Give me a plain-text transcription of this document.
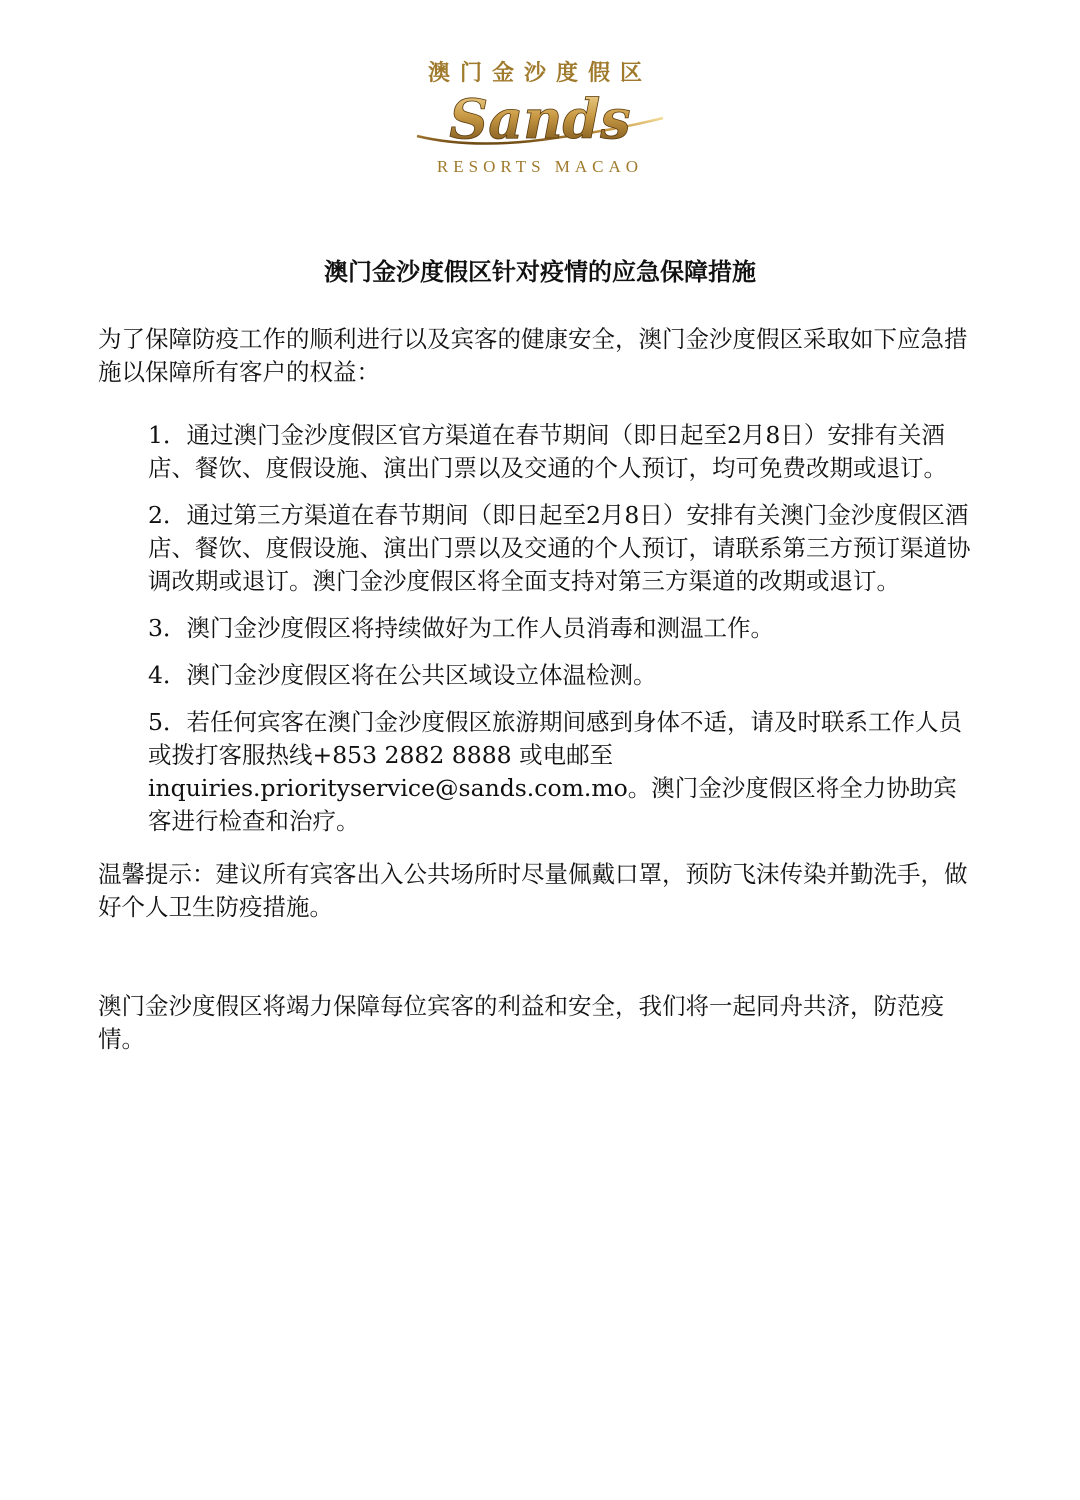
澳门金沙度假区
Sands
RESORTS MACAO
澳门金沙度假区针对疫情的应急保障措施

为了保障防疫工作的顺利进行以及宾客的健康安全，澳门金沙度假区采取如下应急措施以保障所有客户的权益：

1．通过澳门金沙度假区官方渠道在春节期间（即日起至2月8日）安排有关酒店、餐饮、度假设施、演出门票以及交通的个人预订，均可免费改期或退订。
2．通过第三方渠道在春节期间（即日起至2月8日）安排有关澳门金沙度假区酒店、餐饮、度假设施、演出门票以及交通的个人预订，请联系第三方预订渠道协调改期或退订。澳门金沙度假区将全面支持对第三方渠道的改期或退订。
3．澳门金沙度假区将持续做好为工作人员消毒和测温工作。
4．澳门金沙度假区将在公共区域设立体温检测。
5．若任何宾客在澳门金沙度假区旅游期间感到身体不适，请及时联系工作人员或拨打客服热线+853 2882 8888 或电邮至 inquiries.priorityservice@sands.com.mo。澳门金沙度假区将全力协助宾客进行检查和治疗。

温馨提示：建议所有宾客出入公共场所时尽量佩戴口罩，预防飞沫传染并勤洗手，做好个人卫生防疫措施。

澳门金沙度假区将竭力保障每位宾客的利益和安全，我们将一起同舟共济，防范疫情。
